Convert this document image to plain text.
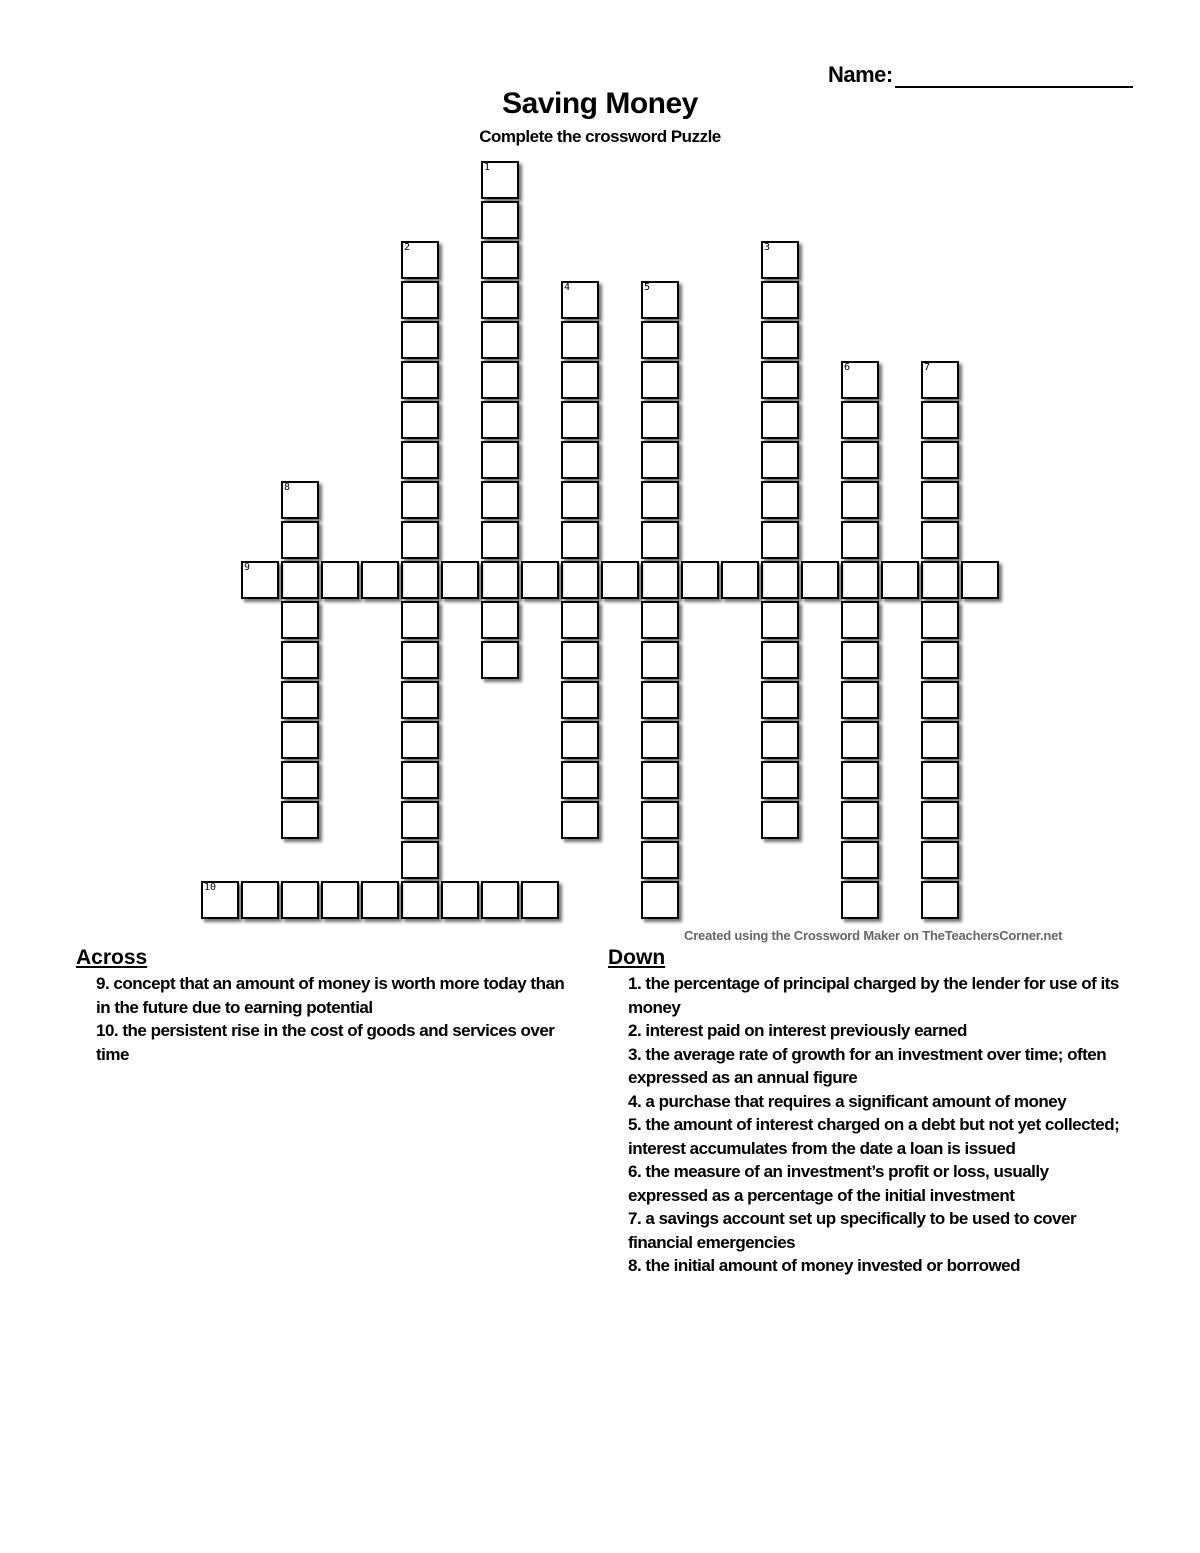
Name:
Saving Money
Complete the crossword Puzzle
1
2	3
4	5
6	7
8
9
10
Created using the Crossword Maker on TheTeachersCorner.net
Across
9. concept that an amount of money is worth more today than in the future due to earning potential
10. the persistent rise in the cost of goods and services over time
Down
1. the percentage of principal charged by the lender for use of its money
2. interest paid on interest previously earned
3. the average rate of growth for an investment over time; often expressed as an annual figure
4. a purchase that requires a significant amount of money
5. the amount of interest charged on a debt but not yet collected; interest accumulates from the date a loan is issued
6. the measure of an investment’s profit or loss, usually expressed as a percentage of the initial investment
7. a savings account set up specifically to be used to cover financial emergencies
8. the initial amount of money invested or borrowed
